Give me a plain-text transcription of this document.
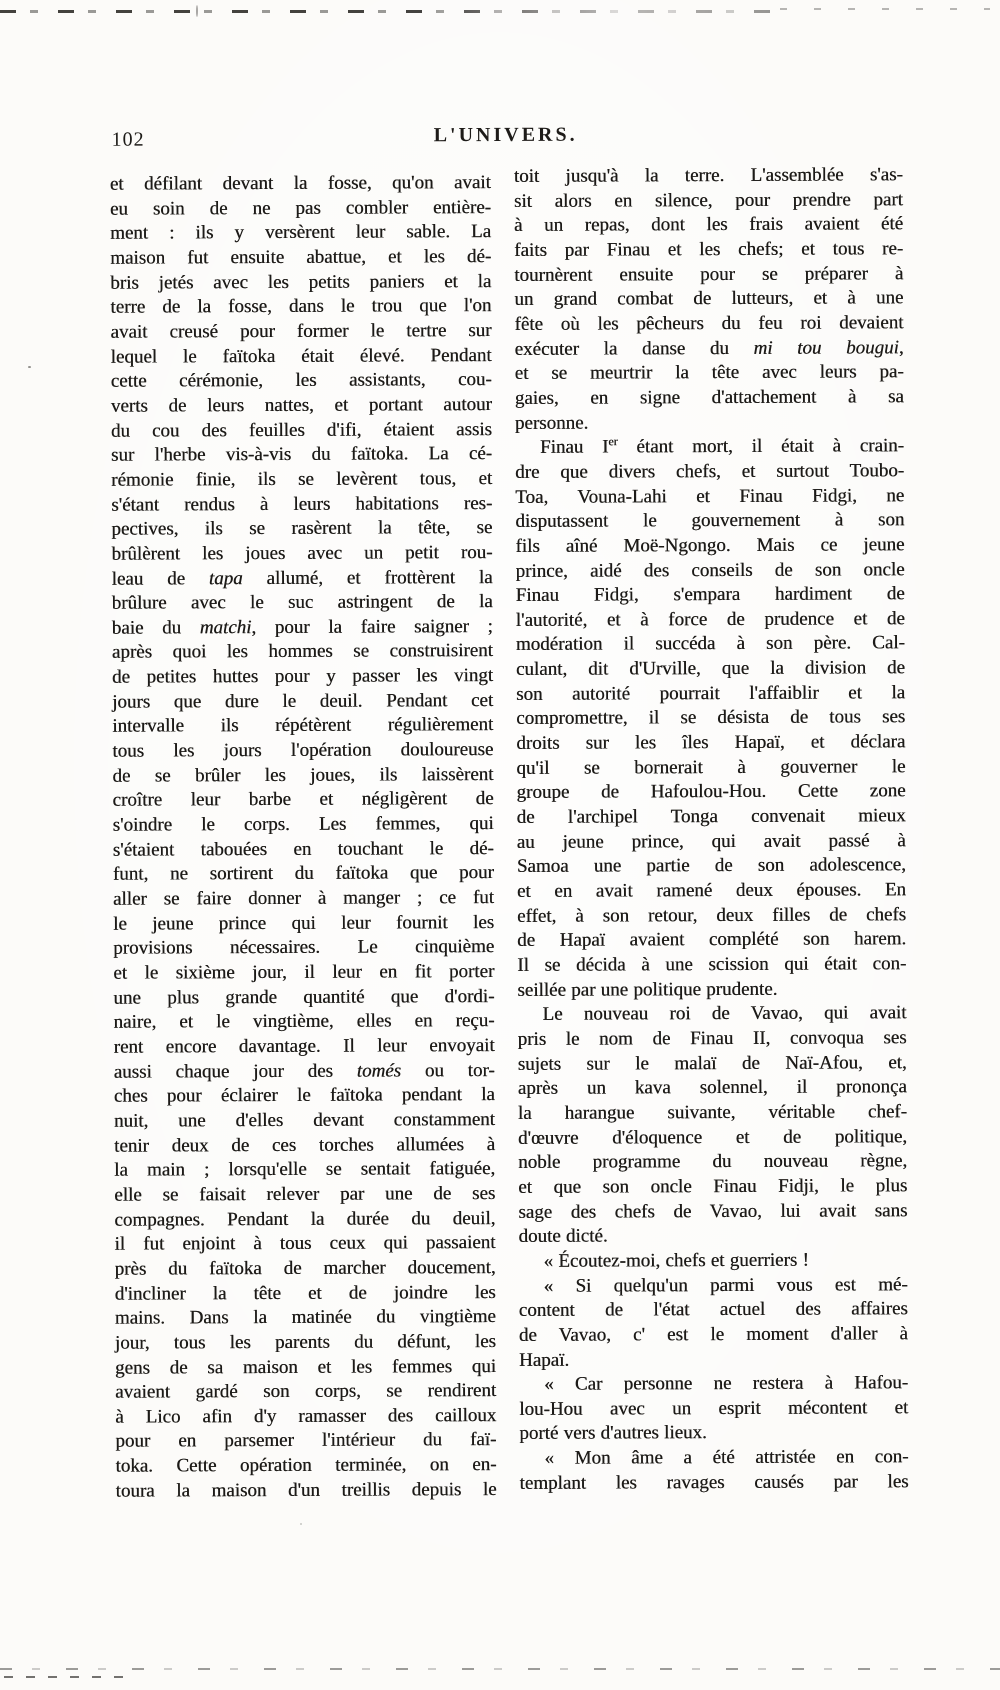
102	L'UNIVERS.
et défilant devant la fosse, qu'on avait
eu soin de ne pas combler entière-
ment : ils y versèrent leur sable. La
maison fut ensuite abattue, et les dé-
bris jetés avec les petits paniers et la
terre de la fosse, dans le trou que l'on
avait creusé pour former le tertre sur
lequel le faïtoka était élevé. Pendant
cette cérémonie, les assistants, cou-
verts de leurs nattes, et portant autour
du cou des feuilles d'ifi, étaient assis
sur l'herbe vis-à-vis du faïtoka. La cé-
rémonie finie, ils se levèrent tous, et
s'étant rendus à leurs habitations res-
pectives, ils se rasèrent la tête, se
brûlèrent les joues avec un petit rou-
leau de tapa allumé, et frottèrent la
brûlure avec le suc astringent de la
baie du matchi, pour la faire saigner ;
après quoi les hommes se construisirent
de petites huttes pour y passer les vingt
jours que dure le deuil. Pendant cet
intervalle ils répétèrent régulièrement
tous les jours l'opération douloureuse
de se brûler les joues, ils laissèrent
croître leur barbe et négligèrent de
s'oindre le corps. Les femmes, qui
s'étaient tabouées en touchant le dé-
funt, ne sortirent du faïtoka que pour
aller se faire donner à manger ; ce fut
le jeune prince qui leur fournit les
provisions nécessaires. Le cinquième
et le sixième jour, il leur en fit porter
une plus grande quantité que d'ordi-
naire, et le vingtième, elles en reçu-
rent encore davantage. Il leur envoyait
aussi chaque jour des tomés ou tor-
ches pour éclairer le faïtoka pendant la
nuit, une d'elles devant constamment
tenir deux de ces torches allumées à
la main ; lorsqu'elle se sentait fatiguée,
elle se faisait relever par une de ses
compagnes. Pendant la durée du deuil,
il fut enjoint à tous ceux qui passaient
près du faïtoka de marcher doucement,
d'incliner la tête et de joindre les
mains. Dans la matinée du vingtième
jour, tous les parents du défunt, les
gens de sa maison et les femmes qui
avaient gardé son corps, se rendirent
à Lico afin d'y ramasser des cailloux
pour en parsemer l'intérieur du faï-
toka. Cette opération terminée, on en-
toura la maison d'un treillis depuis le
toit jusqu'à la terre. L'assemblée s'as-
sit alors en silence, pour prendre part
à un repas, dont les frais avaient été
faits par Finau et les chefs; et tous re-
tournèrent ensuite pour se préparer à
un grand combat de lutteurs, et à une
fête où les pêcheurs du feu roi devaient
exécuter la danse du mi tou bougui,
et se meurtrir la tête avec leurs pa-
gaies, en signe d'attachement à sa
personne.
Finau Ier étant mort, il était à crain-
dre que divers chefs, et surtout Toubo-
Toa, Vouna-Lahi et Finau Fidgi, ne
disputassent le gouvernement à son
fils aîné Moë-Ngongo. Mais ce jeune
prince, aidé des conseils de son oncle
Finau Fidgi, s'empara hardiment de
l'autorité, et à force de prudence et de
modération il succéda à son père. Cal-
culant, dit d'Urville, que la division de
son autorité pourrait l'affaiblir et la
compromettre, il se désista de tous ses
droits sur les îles Hapaï, et déclara
qu'il se bornerait à gouverner le
groupe de Hafoulou-Hou. Cette zone
de l'archipel Tonga convenait mieux
au jeune prince, qui avait passé à
Samoa une partie de son adolescence,
et en avait ramené deux épouses. En
effet, à son retour, deux filles de chefs
de Hapaï avaient complété son harem.
Il se décida à une scission qui était con-
seillée par une politique prudente.
Le nouveau roi de Vavao, qui avait
pris le nom de Finau II, convoqua ses
sujets sur le malaï de Naï-Afou, et,
après un kava solennel, il prononça
la harangue suivante, véritable chef-
d'œuvre d'éloquence et de politique,
noble programme du nouveau règne,
et que son oncle Finau Fidji, le plus
sage des chefs de Vavao, lui avait sans
doute dicté.
« Écoutez-moi, chefs et guerriers !
« Si quelqu'un parmi vous est mé-
content de l'état actuel des affaires
de Vavao, c' est le moment d'aller à
Hapaï.
« Car personne ne restera à Hafou-
lou-Hou avec un esprit mécontent et
porté vers d'autres lieux.
« Mon âme a été attristée en con-
templant les ravages causés par les
